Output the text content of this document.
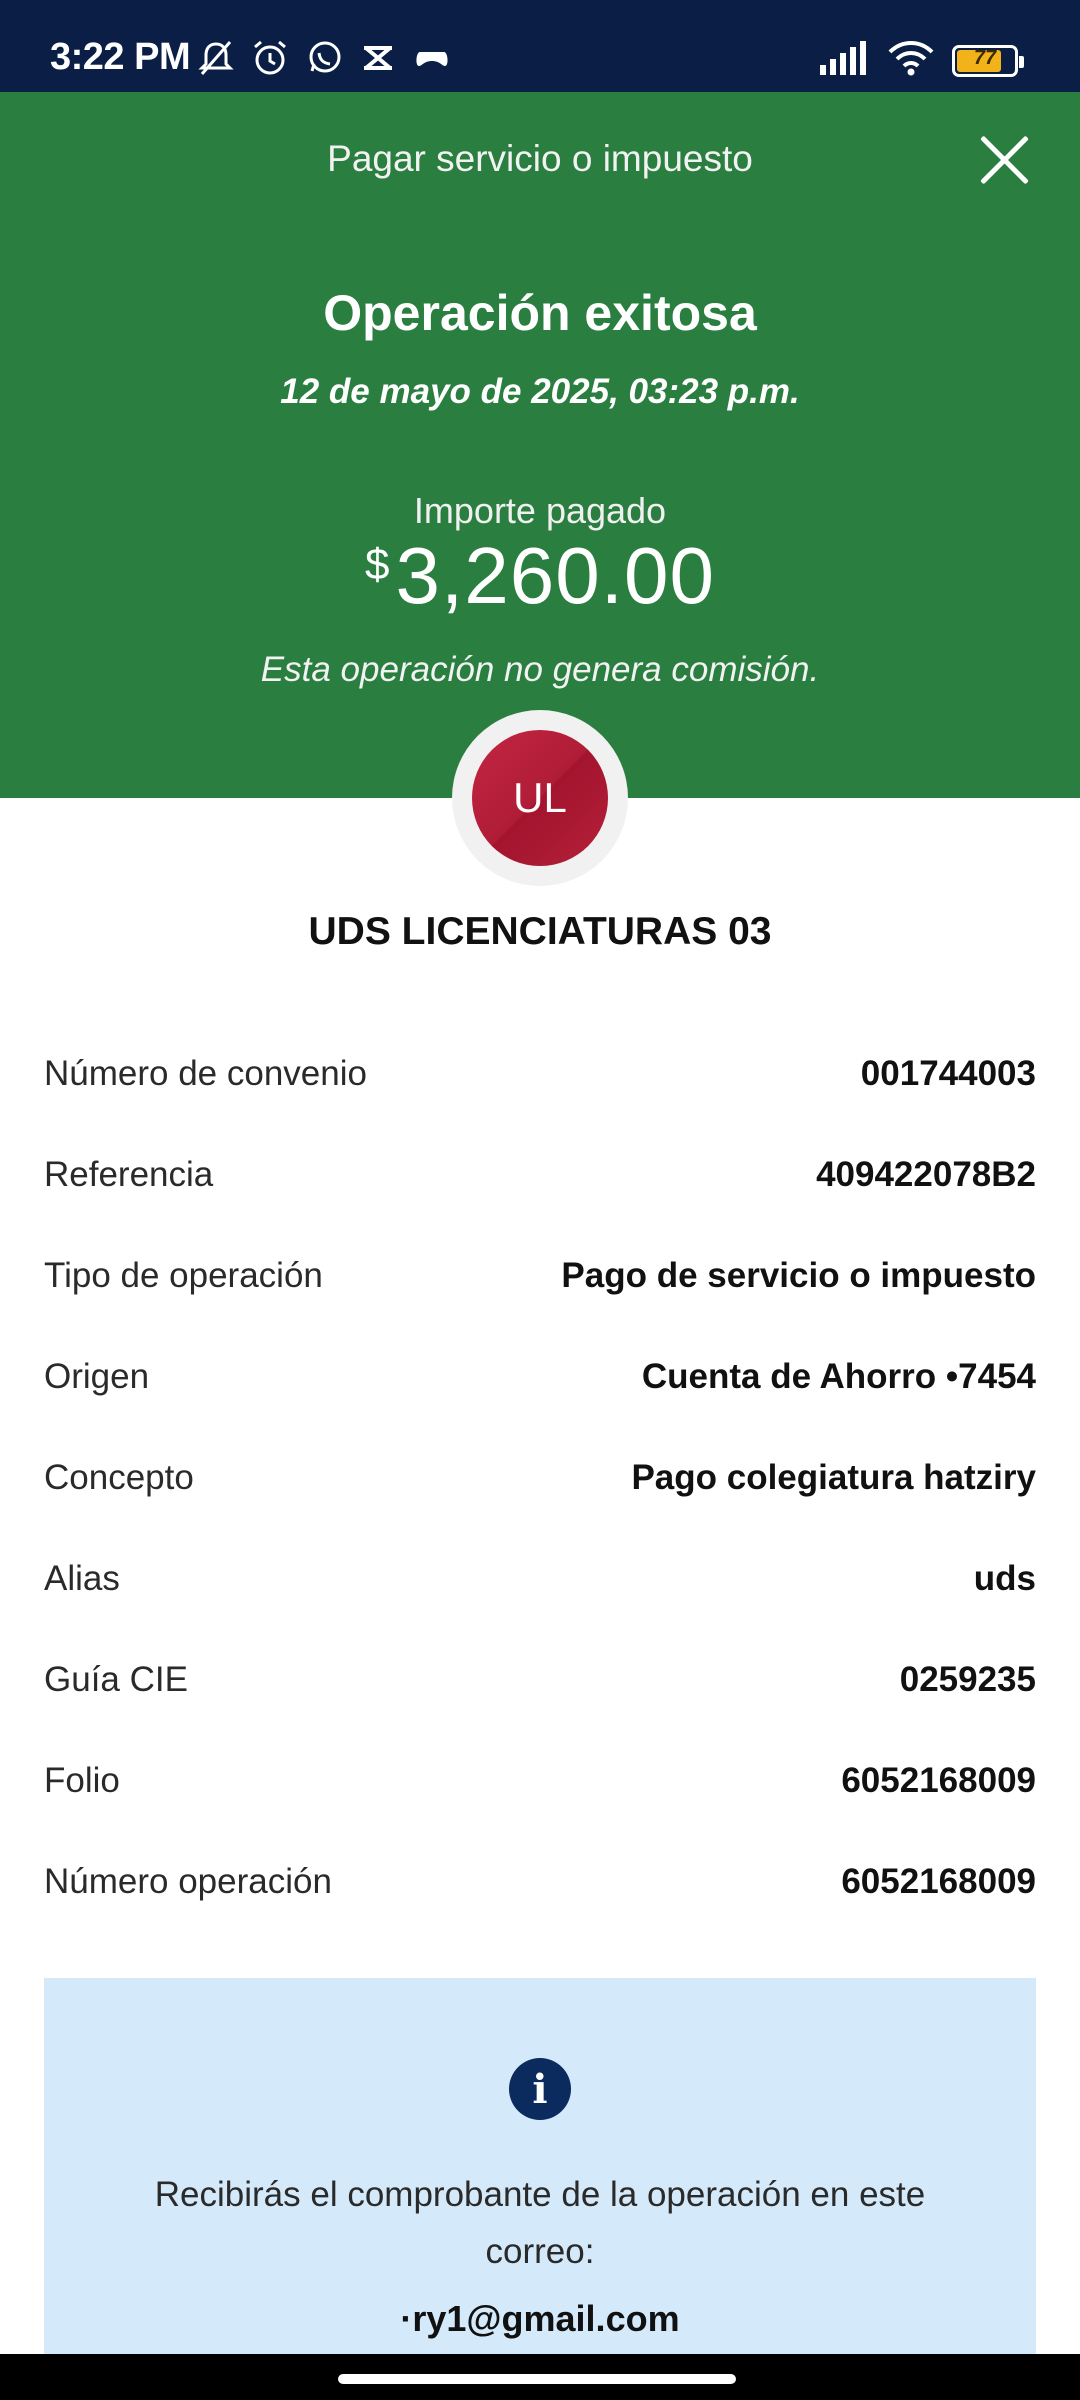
3:22 PM	77
Pagar servicio o impuesto
Operación exitosa
12 de mayo de 2025, 03:23 p.m.
Importe pagado
$ 3,260.00
Esta operación no genera comisión.
UL
UDS LICENCIATURAS 03
Número de convenio	001744003
Referencia	409422078B2
Tipo de operación	Pago de servicio o impuesto
Origen	Cuenta de Ahorro •7454
Concepto	Pago colegiatura hatziry
Alias	uds
Guía CIE	0259235
Folio	6052168009
Número operación	6052168009
i
Recibirás el comprobante de la operación en este correo:
·ry1@gmail.com
